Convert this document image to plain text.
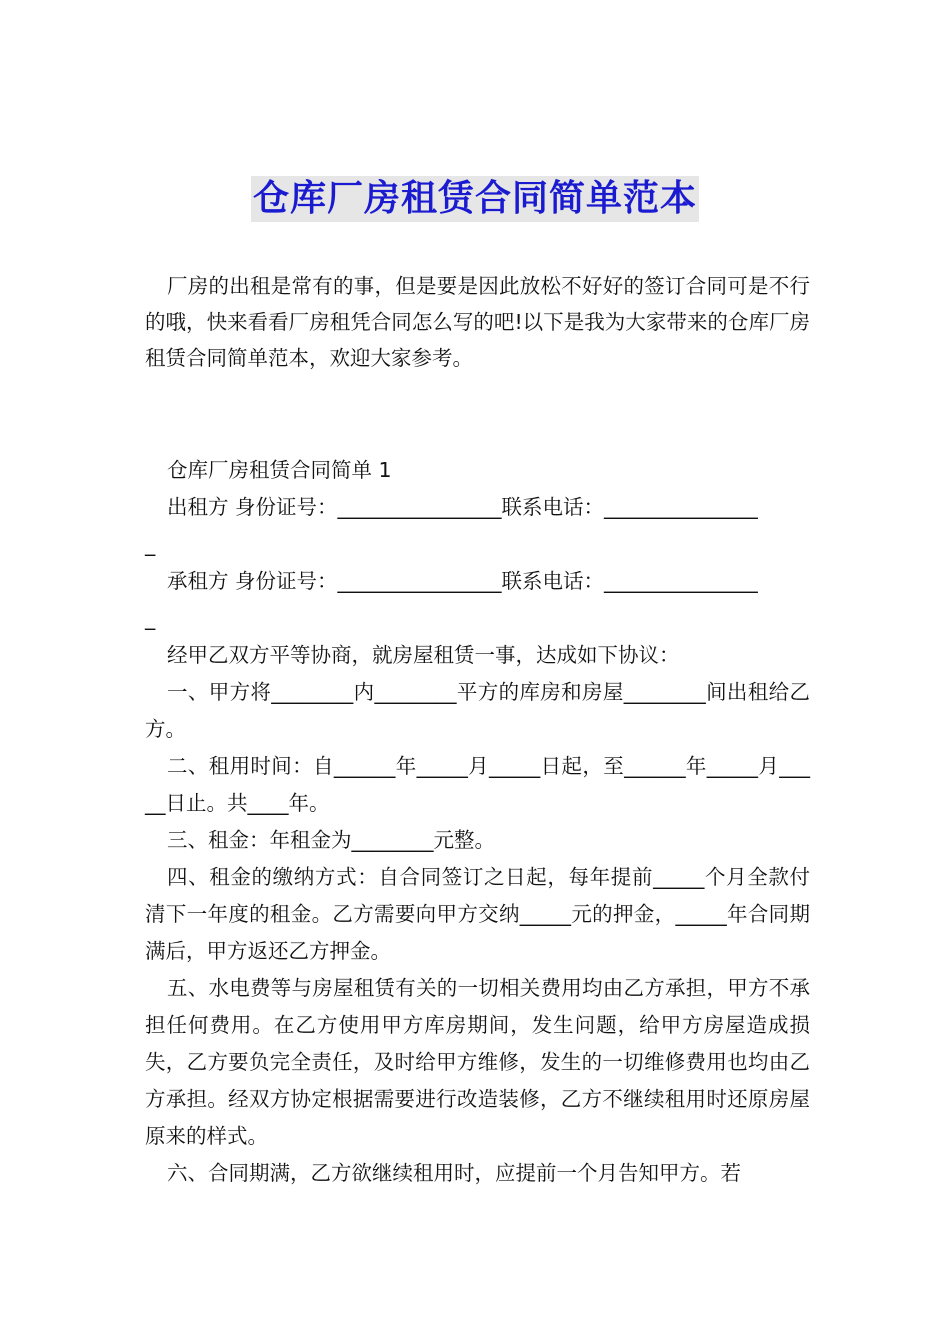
仓库厂房租赁合同简单范本
厂房的出租是常有的事，但是要是因此放松不好好的签订合同可是不行的哦，快来看看厂房租凭合同怎么写的吧!以下是我为大家带来的仓库厂房租赁合同简单范本，欢迎大家参考。
仓库厂房租赁合同简单 1
出租方 身份证号：________________联系电话：_______________
_
承租方 身份证号：________________联系电话：_______________
_
经甲乙双方平等协商，就房屋租赁一事，达成如下协议：
一、甲方将________内________平方的库房和房屋________间出租给乙方。
二、租用时间：自______年_____月_____日起，至______年_____月_____日止。共____年。
三、租金：年租金为________元整。
四、租金的缴纳方式：自合同签订之日起，每年提前_____个月全款付清下一年度的租金。乙方需要向甲方交纳_____元的押金，_____年合同期满后，甲方返还乙方押金。
五、水电费等与房屋租赁有关的一切相关费用均由乙方承担，甲方不承担任何费用。在乙方使用甲方库房期间，发生问题，给甲方房屋造成损失，乙方要负完全责任，及时给甲方维修，发生的一切维修费用也均由乙方承担。经双方协定根据需要进行改造装修，乙方不继续租用时还原房屋原来的样式。
六、合同期满，乙方欲继续租用时，应提前一个月告知甲方。若
